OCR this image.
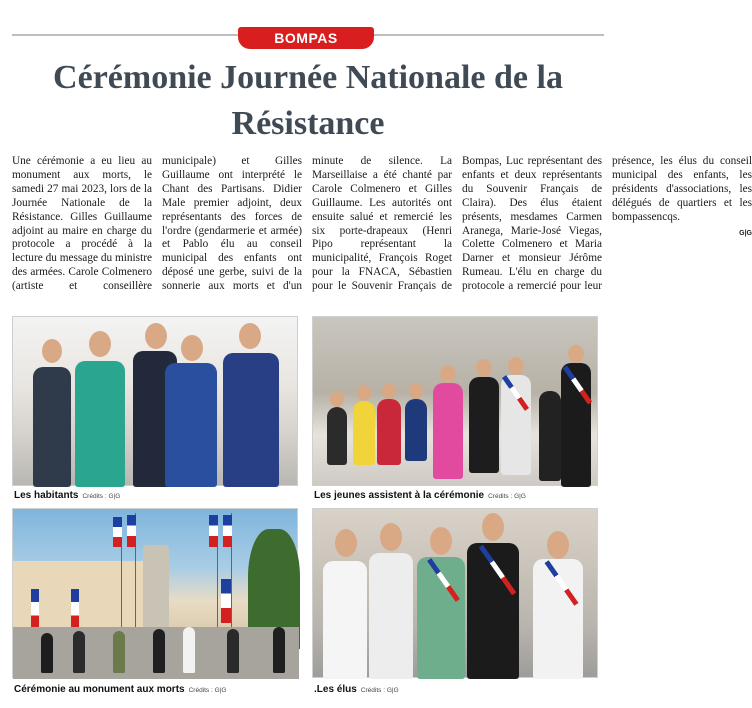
BOMPAS
Cérémonie Journée Nationale de la Résistance
Une cérémonie a eu lieu au monument aux morts, le samedi 27 mai 2023, lors de la Journée Nationale de la Résistance. Gilles Guillaume adjoint au maire en charge du protocole a procédé à la lecture du message du ministre des armées. Carole Colmenero (artiste et conseillère municipale) et Gilles Guillaume ont interprété le Chant des Partisans. Didier Male premier adjoint, deux représentants des forces de l'ordre (gendarmerie et armée) et Pablo élu au conseil municipal des enfants ont déposé une gerbe, suivi de la sonnerie aux morts et d'un minute de silence. La Marseillaise a été chanté par Carole Colmenero et Gilles Guillaume. Les autorités ont ensuite salué et remercié les six porte-drapeaux (Henri Pipo représentant la municipalité, François Roget pour la FNACA, Sébastien pour le Souvenir Français de Bompas, Luc représentant des enfants et deux représentants du Souvenir Français de Claira). Des élus étaient présents, mesdames Carmen Aranega, Marie-José Viegas, Colette Colmenero et Maria Darner et monsieur Jérôme Rumeau. L'élu en charge du protocole a remercié pour leur présence, les élus du conseil municipal des enfants, les présidents d'associations, les délégués de quartiers et les bompassencqs.
G|G
Les habitants Crédits : G|G	Les jeunes assistent à la cérémonie Crédits : G|G
Cérémonie au monument aux morts Crédits : G|G	.Les élus Crédits : G|G
